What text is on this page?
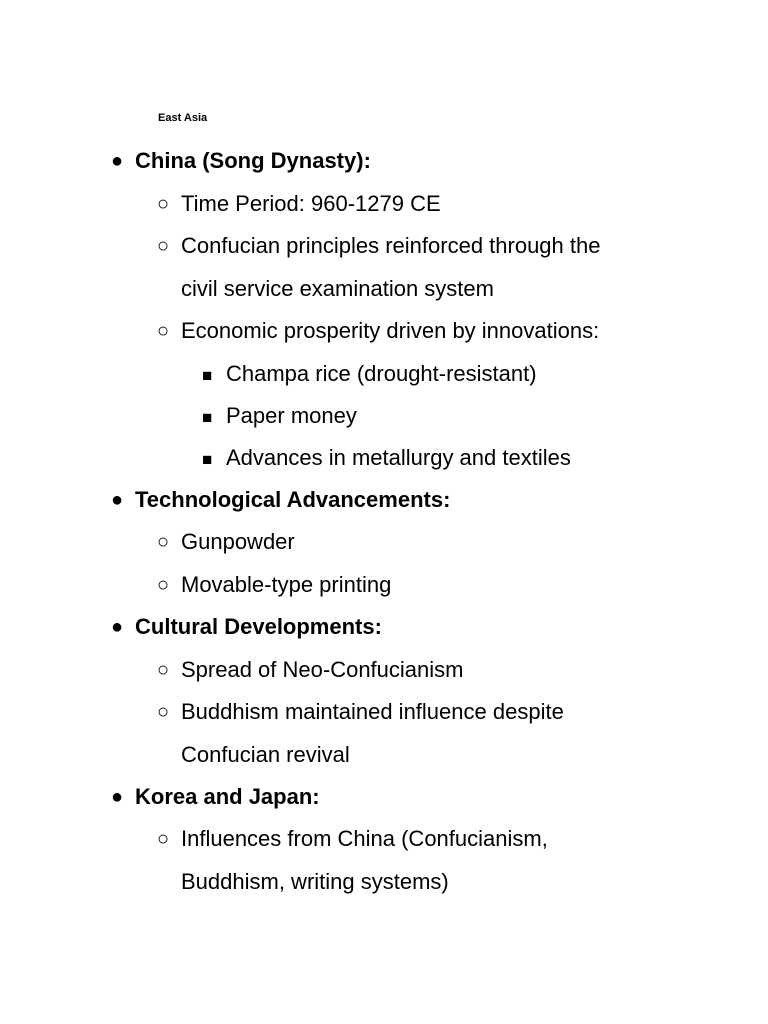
East Asia
● China (Song Dynasty):
○ Time Period: 960-1279 CE
○ Confucian principles reinforced through the
civil service examination system
○ Economic prosperity driven by innovations:
■ Champa rice (drought-resistant)
■ Paper money
■ Advances in metallurgy and textiles
● Technological Advancements:
○ Gunpowder
○ Movable-type printing
● Cultural Developments:
○ Spread of Neo-Confucianism
○ Buddhism maintained influence despite
Confucian revival
● Korea and Japan:
○ Influences from China (Confucianism,
Buddhism, writing systems)
